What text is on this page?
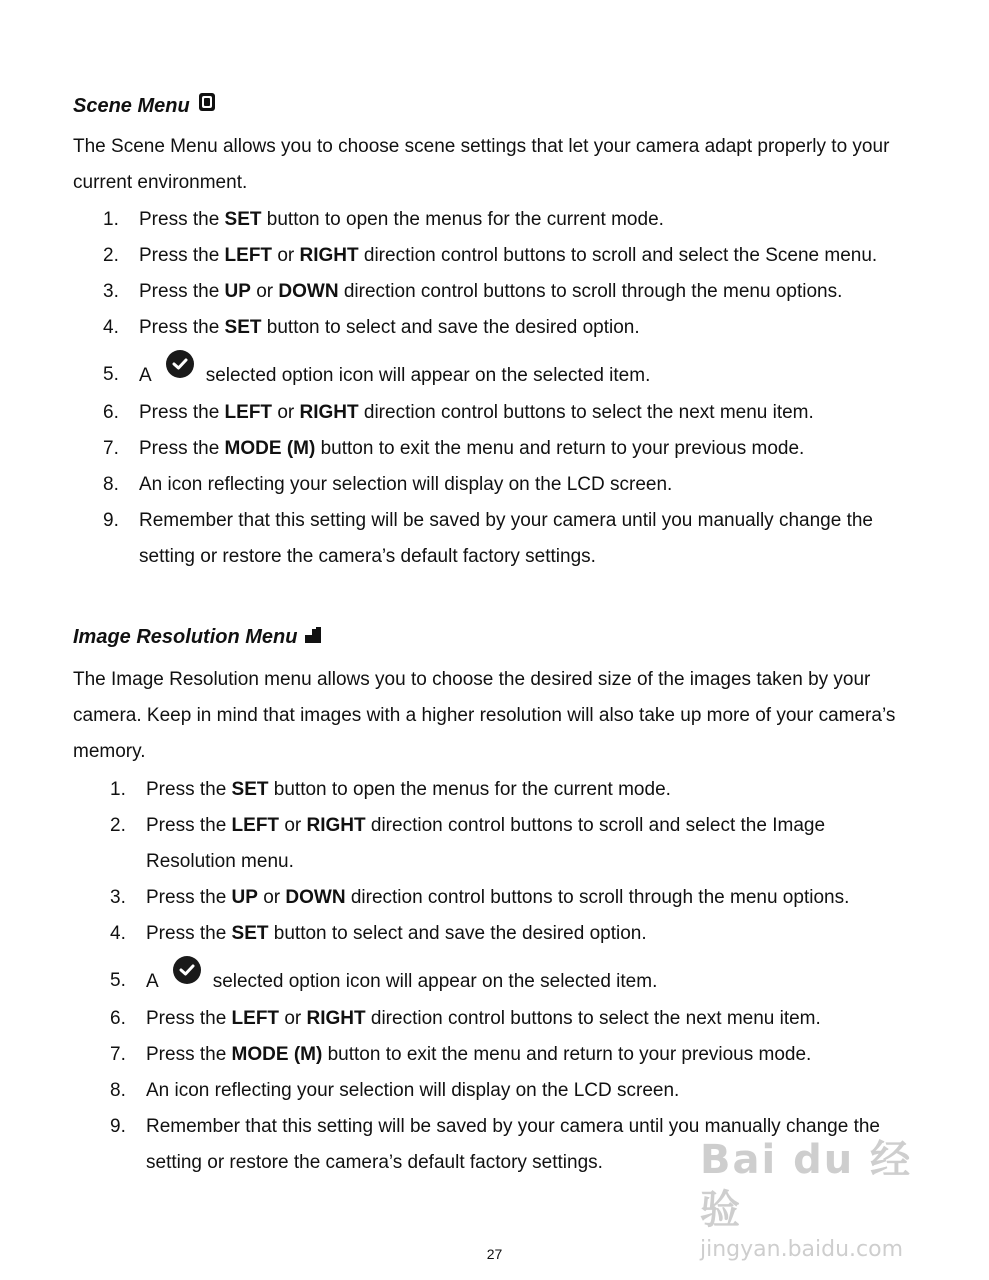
Scene Menu
The Scene Menu allows you to choose scene settings that let your camera adapt properly to your current environment.
1.	Press the SET button to open the menus for the current mode.
2.	Press the LEFT or RIGHT direction control buttons to scroll and select the Scene menu.
3.	Press the UP or DOWN direction control buttons to scroll through the menu options.
4.	Press the SET button to select and save the desired option.
5.	A	selected option icon will appear on the selected item.
6.	Press the LEFT or RIGHT direction control buttons to select the next menu item.
7.	Press the MODE (M) button to exit the menu and return to your previous mode.
8.	An icon reflecting your selection will display on the LCD screen.
9.	Remember that this setting will be saved by your camera until you manually change the
setting or restore the camera’s default factory settings.
Image Resolution Menu
The Image Resolution menu allows you to choose the desired size of the images taken by your camera. Keep in mind that images with a higher resolution will also take up more of your camera’s memory.
1.	Press the SET button to open the menus for the current mode.
2.	Press the LEFT or RIGHT direction control buttons to scroll and select the Image
Resolution menu.
3.	Press the UP or DOWN direction control buttons to scroll through the menu options.
4.	Press the SET button to select and save the desired option.
5.	A	selected option icon will appear on the selected item.
6.	Press the LEFT or RIGHT direction control buttons to select the next menu item.
7.	Press the MODE (M) button to exit the menu and return to your previous mode.
8.	An icon reflecting your selection will display on the LCD screen.
9.	Remember that this setting will be saved by your camera until you manually change the
setting or restore the camera’s default factory settings.	Bai du 经验
jingyan.baidu.com
27
